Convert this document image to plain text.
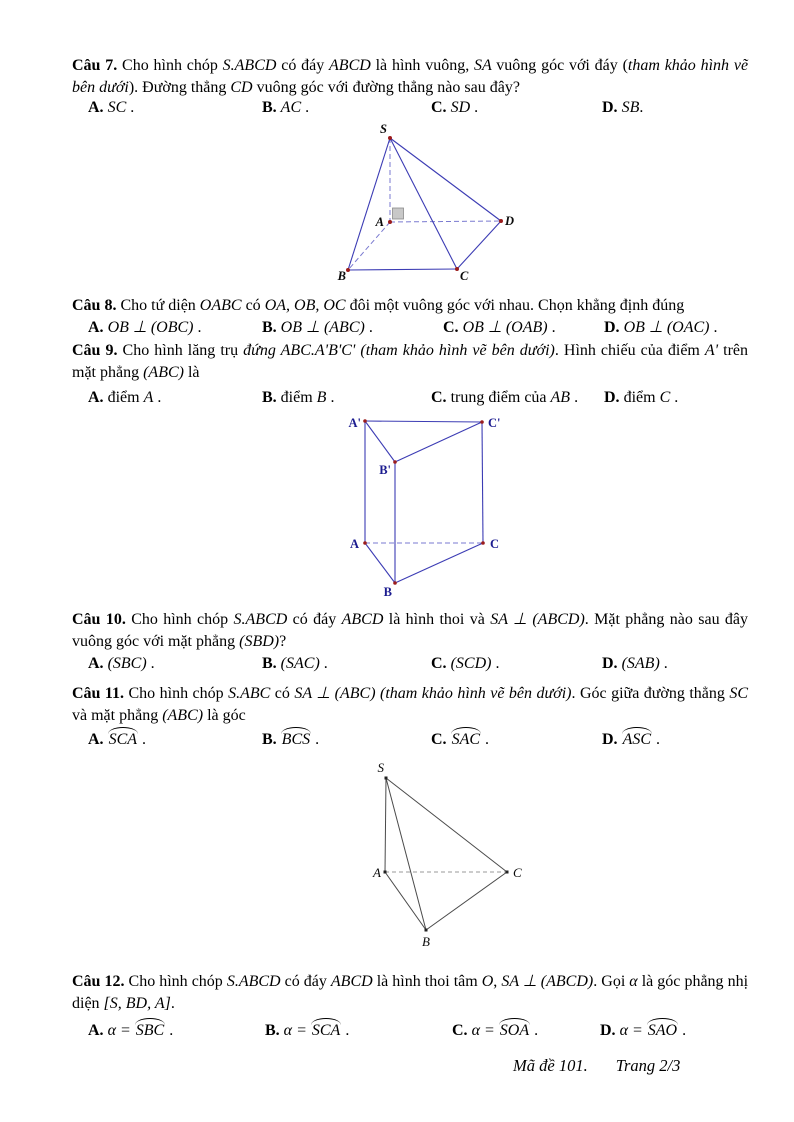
Câu 7. Cho hình chóp S.ABCD có đáy ABCD là hình vuông, SA vuông góc với đáy (tham khảo hình vẽ bên dưới). Đường thẳng CD vuông góc với đường thẳng nào sau đây?
A. SC .	B. AC .	C. SD .	D. SB.
S
A
B	C
D
Câu 8. Cho tứ diện OABC có OA, OB, OC đôi một vuông góc với nhau. Chọn khẳng định đúng
A. OB ⊥ (OBC) .	B. OB ⊥ (ABC) .	C. OB ⊥ (OAB) .	D. OB ⊥ (OAC) .
Câu 9. Cho hình lăng trụ đứng ABC.A'B'C' (tham khảo hình vẽ bên dưới). Hình chiếu của điểm A' trên mặt phẳng (ABC) là
A. điểm A .	B. điểm B .	C. trung điểm của AB . D. điểm C .
A'	C'
B'
A	C
B
Câu 10. Cho hình chóp S.ABCD có đáy ABCD là hình thoi và SA ⊥ (ABCD). Mặt phẳng nào sau đây vuông góc với mặt phẳng (SBD)?
A. (SBC) .	B. (SAC) .	C. (SCD) .	D. (SAB) .
Câu 11. Cho hình chóp S.ABC có SA ⊥ (ABC) (tham khảo hình vẽ bên dưới). Góc giữa đường thẳng SC và mặt phẳng (ABC) là góc
A. SCA .	B. BCS .	C. SAC .	D. ASC .
S
A	C
B
Câu 12. Cho hình chóp S.ABCD có đáy ABCD là hình thoi tâm O, SA ⊥ (ABCD). Gọi α là góc phẳng nhị diện [S, BD, A].
A. α = SBC .	B. α = SCA .	C. α = SOA .	D. α = SAO .
Mã đề 101. Trang 2/3
